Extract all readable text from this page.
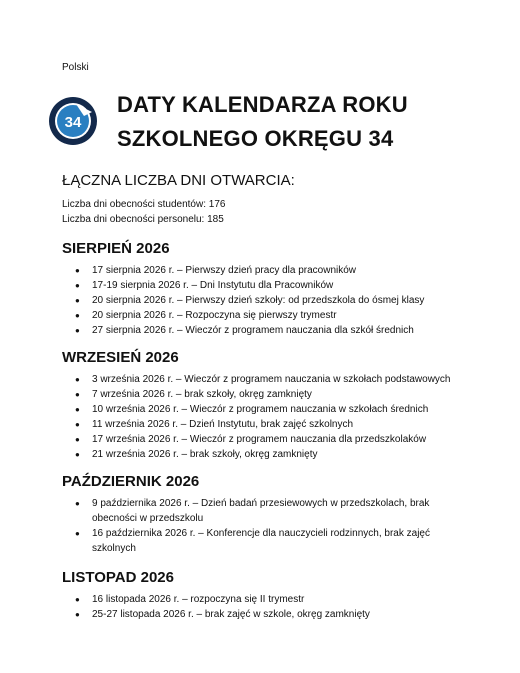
Polski
34
DATY KALENDARZA ROKU
SZKOLNEGO OKRĘGU 34
ŁĄCZNA LICZBA DNI OTWARCIA:
Liczba dni obecności studentów: 176
Liczba dni obecności personelu: 185
SIERPIEŃ 2026
● 17 sierpnia 2026 r. – Pierwszy dzień pracy dla pracowników
● 17-19 sierpnia 2026 r. – Dni Instytutu dla Pracowników
● 20 sierpnia 2026 r. – Pierwszy dzień szkoły: od przedszkola do ósmej klasy
● 20 sierpnia 2026 r. – Rozpoczyna się pierwszy trymestr
● 27 sierpnia 2026 r. – Wieczór z programem nauczania dla szkół średnich
WRZESIEŃ 2026
● 3 września 2026 r. – Wieczór z programem nauczania w szkołach podstawowych
● 7 września 2026 r. – brak szkoły, okręg zamknięty
● 10 września 2026 r. – Wieczór z programem nauczania w szkołach średnich
● 11 września 2026 r. – Dzień Instytutu, brak zajęć szkolnych
● 17 września 2026 r. – Wieczór z programem nauczania dla przedszkolaków
● 21 września 2026 r. – brak szkoły, okręg zamknięty
PAŹDZIERNIK 2026
● 9 października 2026 r. – Dzień badań przesiewowych w przedszkolach, brak obecności w przedszkolu
● 16 października 2026 r. – Konferencje dla nauczycieli rodzinnych, brak zajęć szkolnych
LISTOPAD 2026
● 16 listopada 2026 r. – rozpoczyna się II trymestr
● 25-27 listopada 2026 r. – brak zajęć w szkole, okręg zamknięty
